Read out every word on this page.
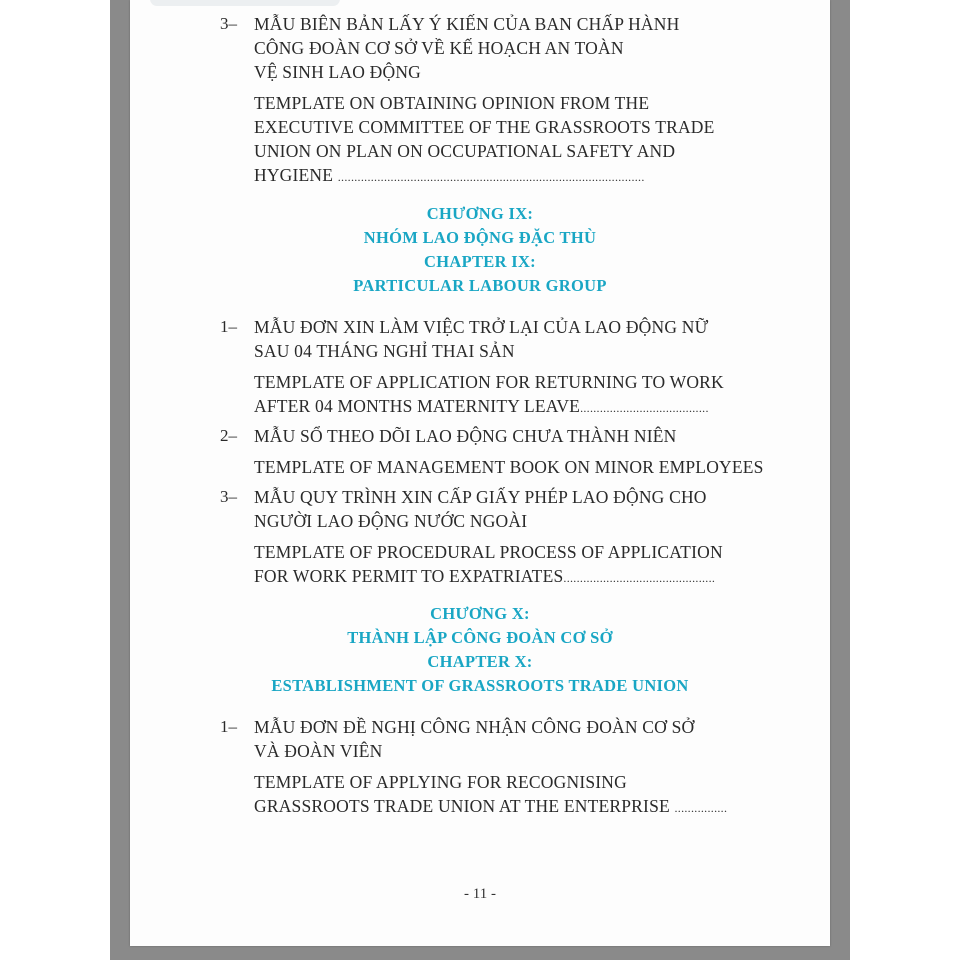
3– MẪU BIÊN BẢN LẤY Ý KIẾN CỦA BAN CHẤP HÀNH
CÔNG ĐOÀN CƠ SỞ VỀ KẾ HOẠCH AN TOÀN
VỆ SINH LAO ĐỘNG
TEMPLATE ON OBTAINING OPINION FROM THE
EXECUTIVE COMMITTEE OF THE GRASSROOTS TRADE
UNION ON PLAN ON OCCUPATIONAL SAFETY AND
HYGIENE .............................................................................................
CHƯƠNG IX:
NHÓM LAO ĐỘNG ĐẶC THÙ
CHAPTER IX:
PARTICULAR LABOUR GROUP
1– MẪU ĐƠN XIN LÀM VIỆC TRỞ LẠI CỦA LAO ĐỘNG NỮ
SAU 04 THÁNG NGHỈ THAI SẢN
TEMPLATE OF APPLICATION FOR RETURNING TO WORK
AFTER 04 MONTHS MATERNITY LEAVE.......................................
2– MẪU SỔ THEO DÕI LAO ĐỘNG CHƯA THÀNH NIÊN
TEMPLATE OF MANAGEMENT BOOK ON MINOR EMPLOYEES
3– MẪU QUY TRÌNH XIN CẤP GIẤY PHÉP LAO ĐỘNG CHO
NGƯỜI LAO ĐỘNG NƯỚC NGOÀI
TEMPLATE OF PROCEDURAL PROCESS OF APPLICATION
FOR WORK PERMIT TO EXPATRIATES..............................................
CHƯƠNG X:
THÀNH LẬP CÔNG ĐOÀN CƠ SỞ
CHAPTER X:
ESTABLISHMENT OF GRASSROOTS TRADE UNION
1– MẪU ĐƠN ĐỀ NGHỊ CÔNG NHẬN CÔNG ĐOÀN CƠ SỞ
VÀ ĐOÀN VIÊN
TEMPLATE OF APPLYING FOR RECOGNISING
GRASSROOTS TRADE UNION AT THE ENTERPRISE ................
- 11 -
